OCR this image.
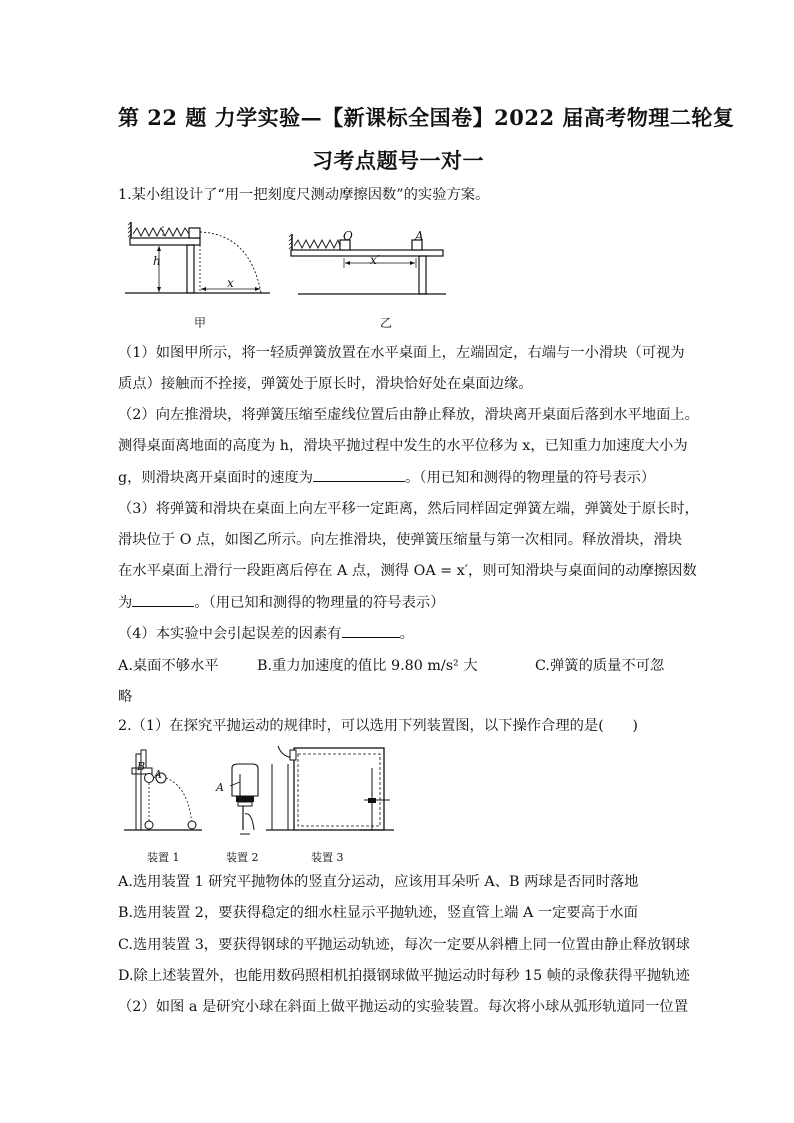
第 22 题 力学实验—【新课标全国卷】2022 届高考物理二轮复
习考点题号一对一
1.某小组设计了“用一把刻度尺测动摩擦因数”的实验方案。
h
x
甲
O	A
x′
乙
（1）如图甲所示，将一轻质弹簧放置在水平桌面上，左端固定，右端与一小滑块（可视为
质点）接触而不拴接，弹簧处于原长时，滑块恰好处在桌面边缘。
（2）向左推滑块，将弹簧压缩至虚线位置后由静止释放，滑块离开桌面后落到水平地面上。
测得桌面离地面的高度为 h，滑块平抛过程中发生的水平位移为 x，已知重力加速度大小为
g，则滑块离开桌面时的速度为	。（用已知和测得的物理量的符号表示）
（3）将弹簧和滑块在桌面上向左平移一定距离，然后同样固定弹簧左端，弹簧处于原长时，
滑块位于 O 点，如图乙所示。向左推滑块，使弹簧压缩量与第一次相同。释放滑块，滑块
在水平桌面上滑行一段距离后停在 A 点，测得 OA = x′，则可知滑块与桌面间的动摩擦因数
为	。（用已知和测得的物理量的符号表示）
（4）本实验中会引起误差的因素有	。
A.桌面不够水平	B.重力加速度的值比 9.80 m/s² 大	C.弹簧的质量不可忽
略
2.（1）在探究平抛运动的规律时，可以选用下列装置图，以下操作合理的是(　　)
B
A
装置 1
A
装置 2	装置 3
A.选用装置 1 研究平抛物体的竖直分运动，应该用耳朵听 A、B 两球是否同时落地
B.选用装置 2，要获得稳定的细水柱显示平抛轨迹，竖直管上端 A 一定要高于水面
C.选用装置 3，要获得钢球的平抛运动轨迹，每次一定要从斜槽上同一位置由静止释放钢球
D.除上述装置外，也能用数码照相机拍摄钢球做平抛运动时每秒 15 帧的录像获得平抛轨迹
（2）如图 a 是研究小球在斜面上做平抛运动的实验装置。每次将小球从弧形轨道同一位置
